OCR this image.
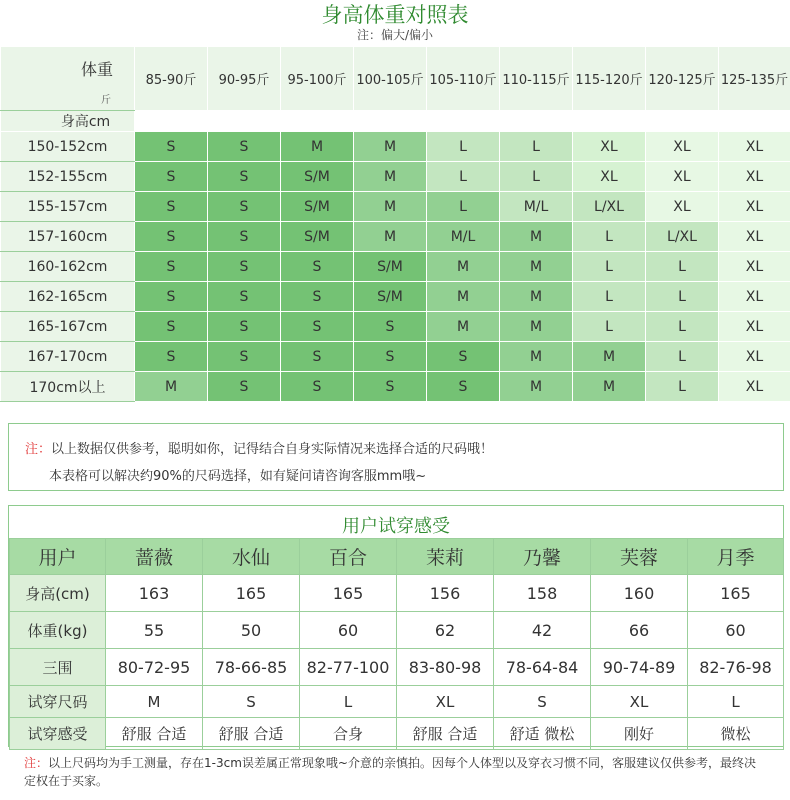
身高体重对照表
注：偏大/偏小
体重
斤	85-90斤	90-95斤	95-100斤	100-105斤	105-110斤	110-115斤	115-120斤	120-125斤	125-135斤
身高cm									
150-152cm	S	S	M	M	L	L	XL	XL	XL
152-155cm	S	S	S/M	M	L	L	XL	XL	XL
155-157cm	S	S	S/M	M	L	M/L	L/XL	XL	XL
157-160cm	S	S	S/M	M	M/L	M	L	L/XL	XL
160-162cm	S	S	S	S/M	M	M	L	L	XL
162-165cm	S	S	S	S/M	M	M	L	L	XL
165-167cm	S	S	S	S	M	M	L	L	XL
167-170cm	S	S	S	S	S	M	M	L	XL
170cm以上	M	S	S	S	S	M	M	L	XL
注：以上数据仅供参考，聪明如你，记得结合自身实际情况来选择合适的尺码哦！
本表格可以解决约90%的尺码选择，如有疑问请咨询客服mm哦~
用户试穿感受
用户	蔷薇	水仙	百合	茉莉	乃馨	芙蓉	月季
身高(cm)	163	165	165	156	158	160	165
体重(kg)	55	50	60	62	42	66	60
三围	80-72-95	78-66-85	82-77-100	83-80-98	78-64-84	90-74-89	82-76-98
试穿尺码	M	S	L	XL	S	XL	L
试穿感受	舒服 合适	舒服 合适	合身	舒服 合适	舒适 微松	刚好	微松
注：以上尺码均为手工测量，存在1-3cm误差属正常现象哦~介意的亲慎拍。因每个人体型以及穿衣习惯不同，客服建议仅供参考，最终决定权在于买家。
